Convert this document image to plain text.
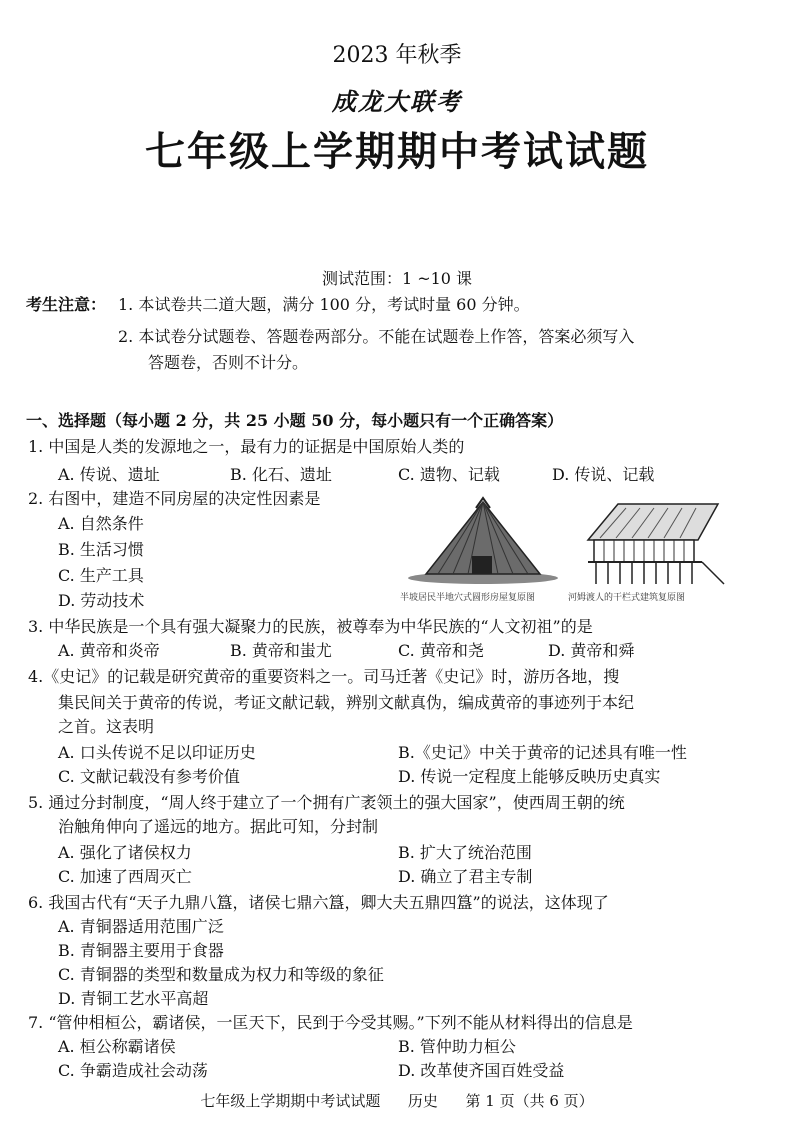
2023 年秋季
成龙大联考
七年级上学期期中考试试题
测试范围：1 ~10 课
考生注意： 1. 本试卷共二道大题，满分 100 分，考试时量 60 分钟。
2. 本试卷分试题卷、答题卷两部分。不能在试题卷上作答，答案必须写入
答题卷，否则不计分。
一、选择题（每小题 2 分，共 25 小题 50 分，每小题只有一个正确答案）
1. 中国是人类的发源地之一，最有力的证据是中国原始人类的
A. 传说、遗址	B. 化石、遗址	C. 遗物、记载	D. 传说、记载
2. 右图中，建造不同房屋的决定性因素是
A. 自然条件
B. 生活习惯
C. 生产工具
D. 劳动技术	半坡居民半地穴式圆形房屋复原图	河姆渡人的干栏式建筑复原图
3. 中华民族是一个具有强大凝聚力的民族，被尊奉为中华民族的“人文初祖”的是
A. 黄帝和炎帝	B. 黄帝和蚩尤	C. 黄帝和尧	D. 黄帝和舜
4.《史记》的记载是研究黄帝的重要资料之一。司马迁著《史记》时，游历各地，搜
集民间关于黄帝的传说，考证文献记载，辨别文献真伪，编成黄帝的事迹列于本纪
之首。这表明
A. 口头传说不足以印证历史	B.《史记》中关于黄帝的记述具有唯一性
C. 文献记载没有参考价值	D. 传说一定程度上能够反映历史真实
5. 通过分封制度，“周人终于建立了一个拥有广袤领土的强大国家”，使西周王朝的统
治触角伸向了遥远的地方。据此可知，分封制
A. 强化了诸侯权力	B. 扩大了统治范围
C. 加速了西周灭亡	D. 确立了君主专制
6. 我国古代有“天子九鼎八簋，诸侯七鼎六簋，卿大夫五鼎四簋”的说法，这体现了
A. 青铜器适用范围广泛
B. 青铜器主要用于食器
C. 青铜器的类型和数量成为权力和等级的象征
D. 青铜工艺水平高超
7. “管仲相桓公，霸诸侯，一匡天下，民到于今受其赐。”下列不能从材料得出的信息是
A. 桓公称霸诸侯	B. 管仲助力桓公
C. 争霸造成社会动荡	D. 改革使齐国百姓受益
七年级上学期期中考试试题 历史 第 1 页（共 6 页）
